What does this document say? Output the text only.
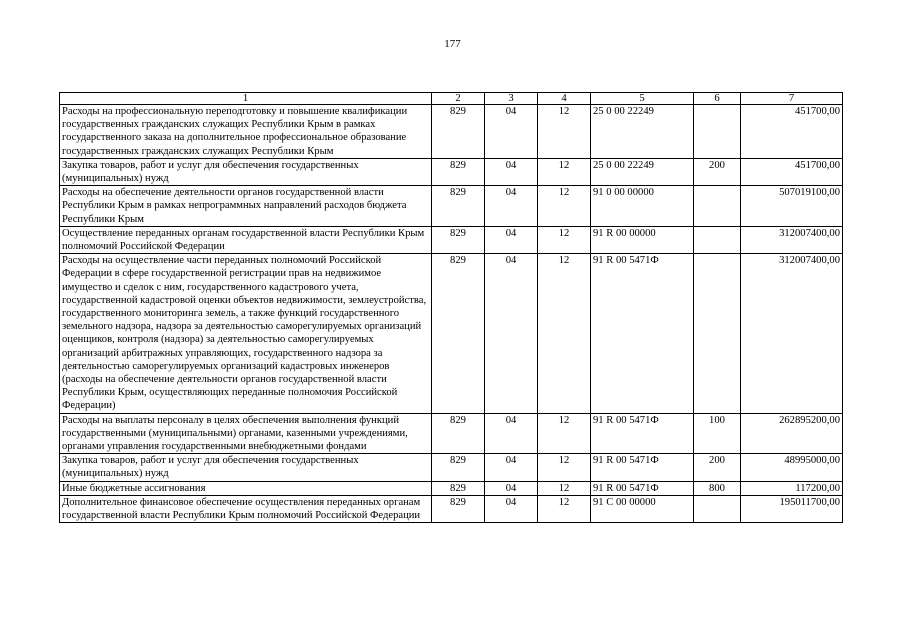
177
1	2	3	4	5	6	7
Расходы на профессиональную переподготовку и повышение квалификации государственных гражданских служащих Республики Крым в рамках государственного заказа на дополнительное профессиональное образование государственных гражданских служащих Республики Крым	829	04	12	25 0 00 22249		451700,00
Закупка товаров, работ и услуг для обеспечения государственных (муниципальных) нужд	829	04	12	25 0 00 22249	200	451700,00
Расходы на обеспечение деятельности органов государственной власти Республики Крым в рамках непрограммных направлений расходов бюджета Республики Крым	829	04	12	91 0 00 00000		507019100,00
Осуществление переданных органам государственной власти Республики Крым полномочий Российской Федерации	829	04	12	91 R 00 00000		312007400,00
Расходы на осуществление части переданных полномочий Российской Федерации в сфере государственной регистрации прав на недвижимое имущество и сделок с ним, государственного кадастрового учета, государственной кадастровой оценки объектов недвижимости, землеустройства, государственного мониторинга земель, а также функций государственного земельного надзора, надзора за деятельностью саморегулируемых организаций оценщиков, контроля (надзора) за деятельностью саморегулируемых организаций арбитражных управляющих, государственного надзора за деятельностью саморегулируемых организаций кадастровых инженеров (расходы на обеспечение деятельности органов государственной власти Республики Крым, осуществляющих переданные полномочия Российской Федерации)	829	04	12	91 R 00 5471Ф		312007400,00
Расходы на выплаты персоналу в целях обеспечения выполнения функций государственными (муниципальными) органами, казенными учреждениями, органами управления государственными внебюджетными фондами	829	04	12	91 R 00 5471Ф	100	262895200,00
Закупка товаров, работ и услуг для обеспечения государственных (муниципальных) нужд	829	04	12	91 R 00 5471Ф	200	48995000,00
Иные бюджетные ассигнования	829	04	12	91 R 00 5471Ф	800	117200,00
Дополнительное финансовое обеспечение осуществления переданных органам государственной власти Республики Крым полномочий Российской Федерации	829	04	12	91 C 00 00000		195011700,00
